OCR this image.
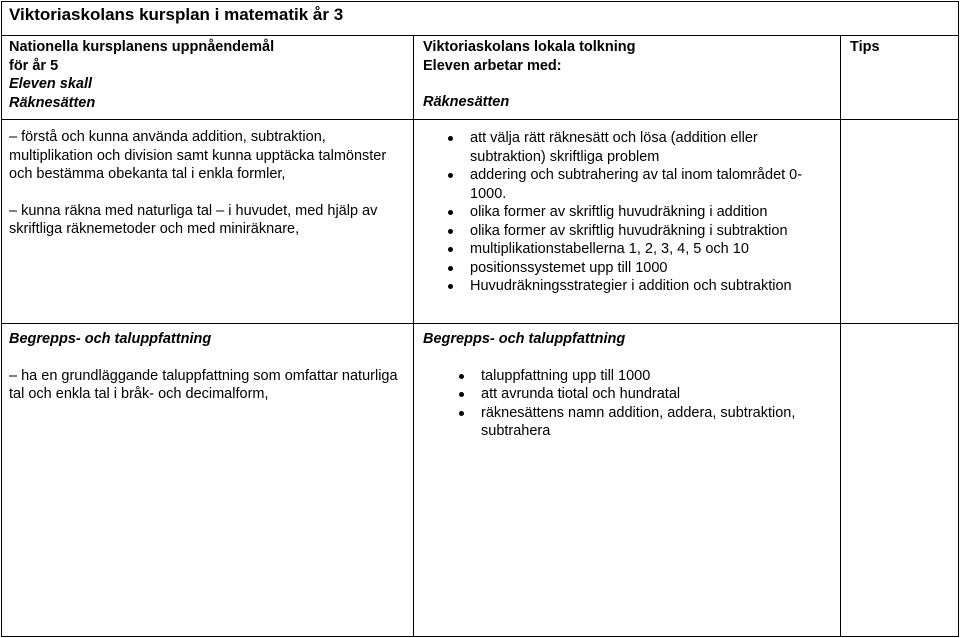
Viktoriaskolans kursplan i matematik år 3
Nationella kursplanens uppnåendemål
för år 5
Eleven skall
Räknesätten
Viktoriaskolans lokala tolkning
Eleven arbetar med:
Räknesätten
Tips

– förstå och kunna använda addition, subtraktion, multiplikation och division samt kunna upptäcka talmönster och bestämma obekanta tal i enkla formler,

– kunna räkna med naturliga tal – i huvudet, med hjälp av skriftliga räknemetoder och med miniräknare,

att välja rätt räknesätt och lösa (addition eller subtraktion) skriftliga problem
addering och subtrahering av tal inom talområdet 0-1000.
olika former av skriftlig huvudräkning i addition
olika former av skriftlig huvudräkning i subtraktion
multiplikationstabellerna 1, 2, 3, 4, 5 och 10
positionssystemet upp till 1000
Huvudräkningsstrategier i addition och subtraktion
Begrepps- och taluppfattning

– ha en grundläggande taluppfattning som omfattar naturliga tal och enkla tal i bråk- och decimalform,

Begrepps- och taluppfattning
taluppfattning upp till 1000
att avrunda tiotal och hundratal
räknesättens namn addition, addera, subtraktion, subtrahera
